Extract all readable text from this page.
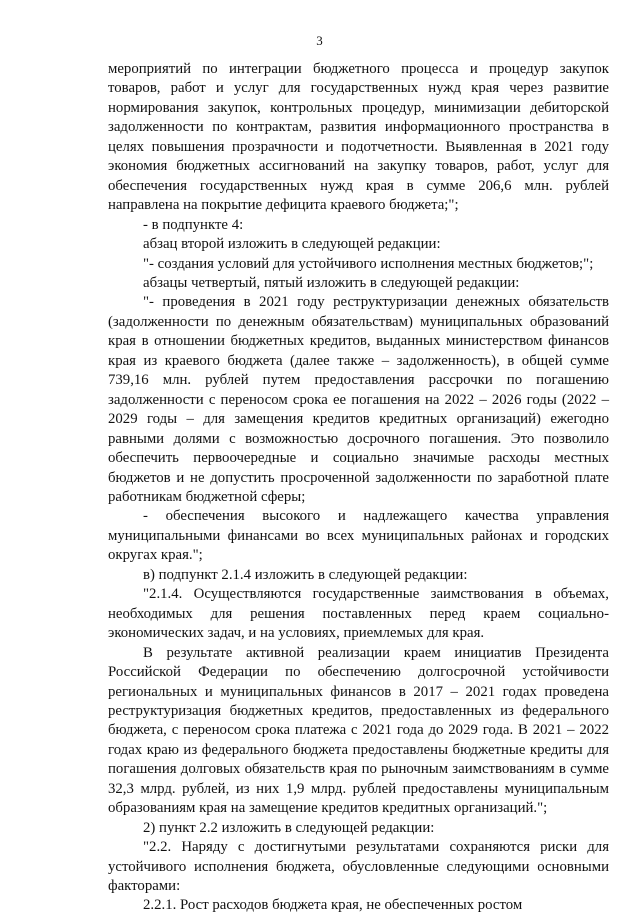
3

мероприятий по интеграции бюджетного процесса и процедур закупок товаров, работ и услуг для государственных нужд края через развитие нормирования закупок, контрольных процедур, минимизации дебиторской задолженности по контрактам, развития информационного пространства в целях повышения прозрачности и подотчетности. Выявленная в 2021 году экономия бюджетных ассигнований на закупку товаров, работ, услуг для обеспечения государственных нужд края в сумме 206,6 млн. рублей направлена на покрытие дефицита краевого бюджета;";

- в подпункте 4:

абзац второй изложить в следующей редакции:

"- создания условий для устойчивого исполнения местных бюджетов;";

абзацы четвертый, пятый изложить в следующей редакции:

"- проведения в 2021 году реструктуризации денежных обязательств (задолженности по денежным обязательствам) муниципальных образований края в отношении бюджетных кредитов, выданных министерством финансов края из краевого бюджета (далее также – задолженность), в общей сумме 739,16 млн. рублей путем предоставления рассрочки по погашению задолженности с переносом срока ее погашения на 2022 – 2026 годы (2022 – 2029 годы – для замещения кредитов кредитных организаций) ежегодно равными долями с возможностью досрочного погашения. Это позволило обеспечить первоочередные и социально значимые расходы местных бюджетов и не допустить просроченной задолженности по заработной плате работникам бюджетной сферы;

- обеспечения высокого и надлежащего качества управления муниципальными финансами во всех муниципальных районах и городских округах края.";

в) подпункт 2.1.4 изложить в следующей редакции:

"2.1.4. Осуществляются государственные заимствования в объемах, необходимых для решения поставленных перед краем социально-экономических задач, и на условиях, приемлемых для края.

В результате активной реализации краем инициатив Президента Российской Федерации по обеспечению долгосрочной устойчивости региональных и муниципальных финансов в 2017 – 2021 годах проведена реструктуризация бюджетных кредитов, предоставленных из федерального бюджета, с переносом срока платежа с 2021 года до 2029 года. В 2021 – 2022 годах краю из федерального бюджета предоставлены бюджетные кредиты для погашения долговых обязательств края по рыночным заимствованиям в сумме 32,3 млрд. рублей, из них 1,9 млрд. рублей предоставлены муниципальным образованиям края на замещение кредитов кредитных организаций.";

2) пункт 2.2 изложить в следующей редакции:

"2.2. Наряду с достигнутыми результатами сохраняются риски для устойчивого исполнения бюджета, обусловленные следующими основными факторами:

2.2.1. Рост расходов бюджета края, не обеспеченных ростом
